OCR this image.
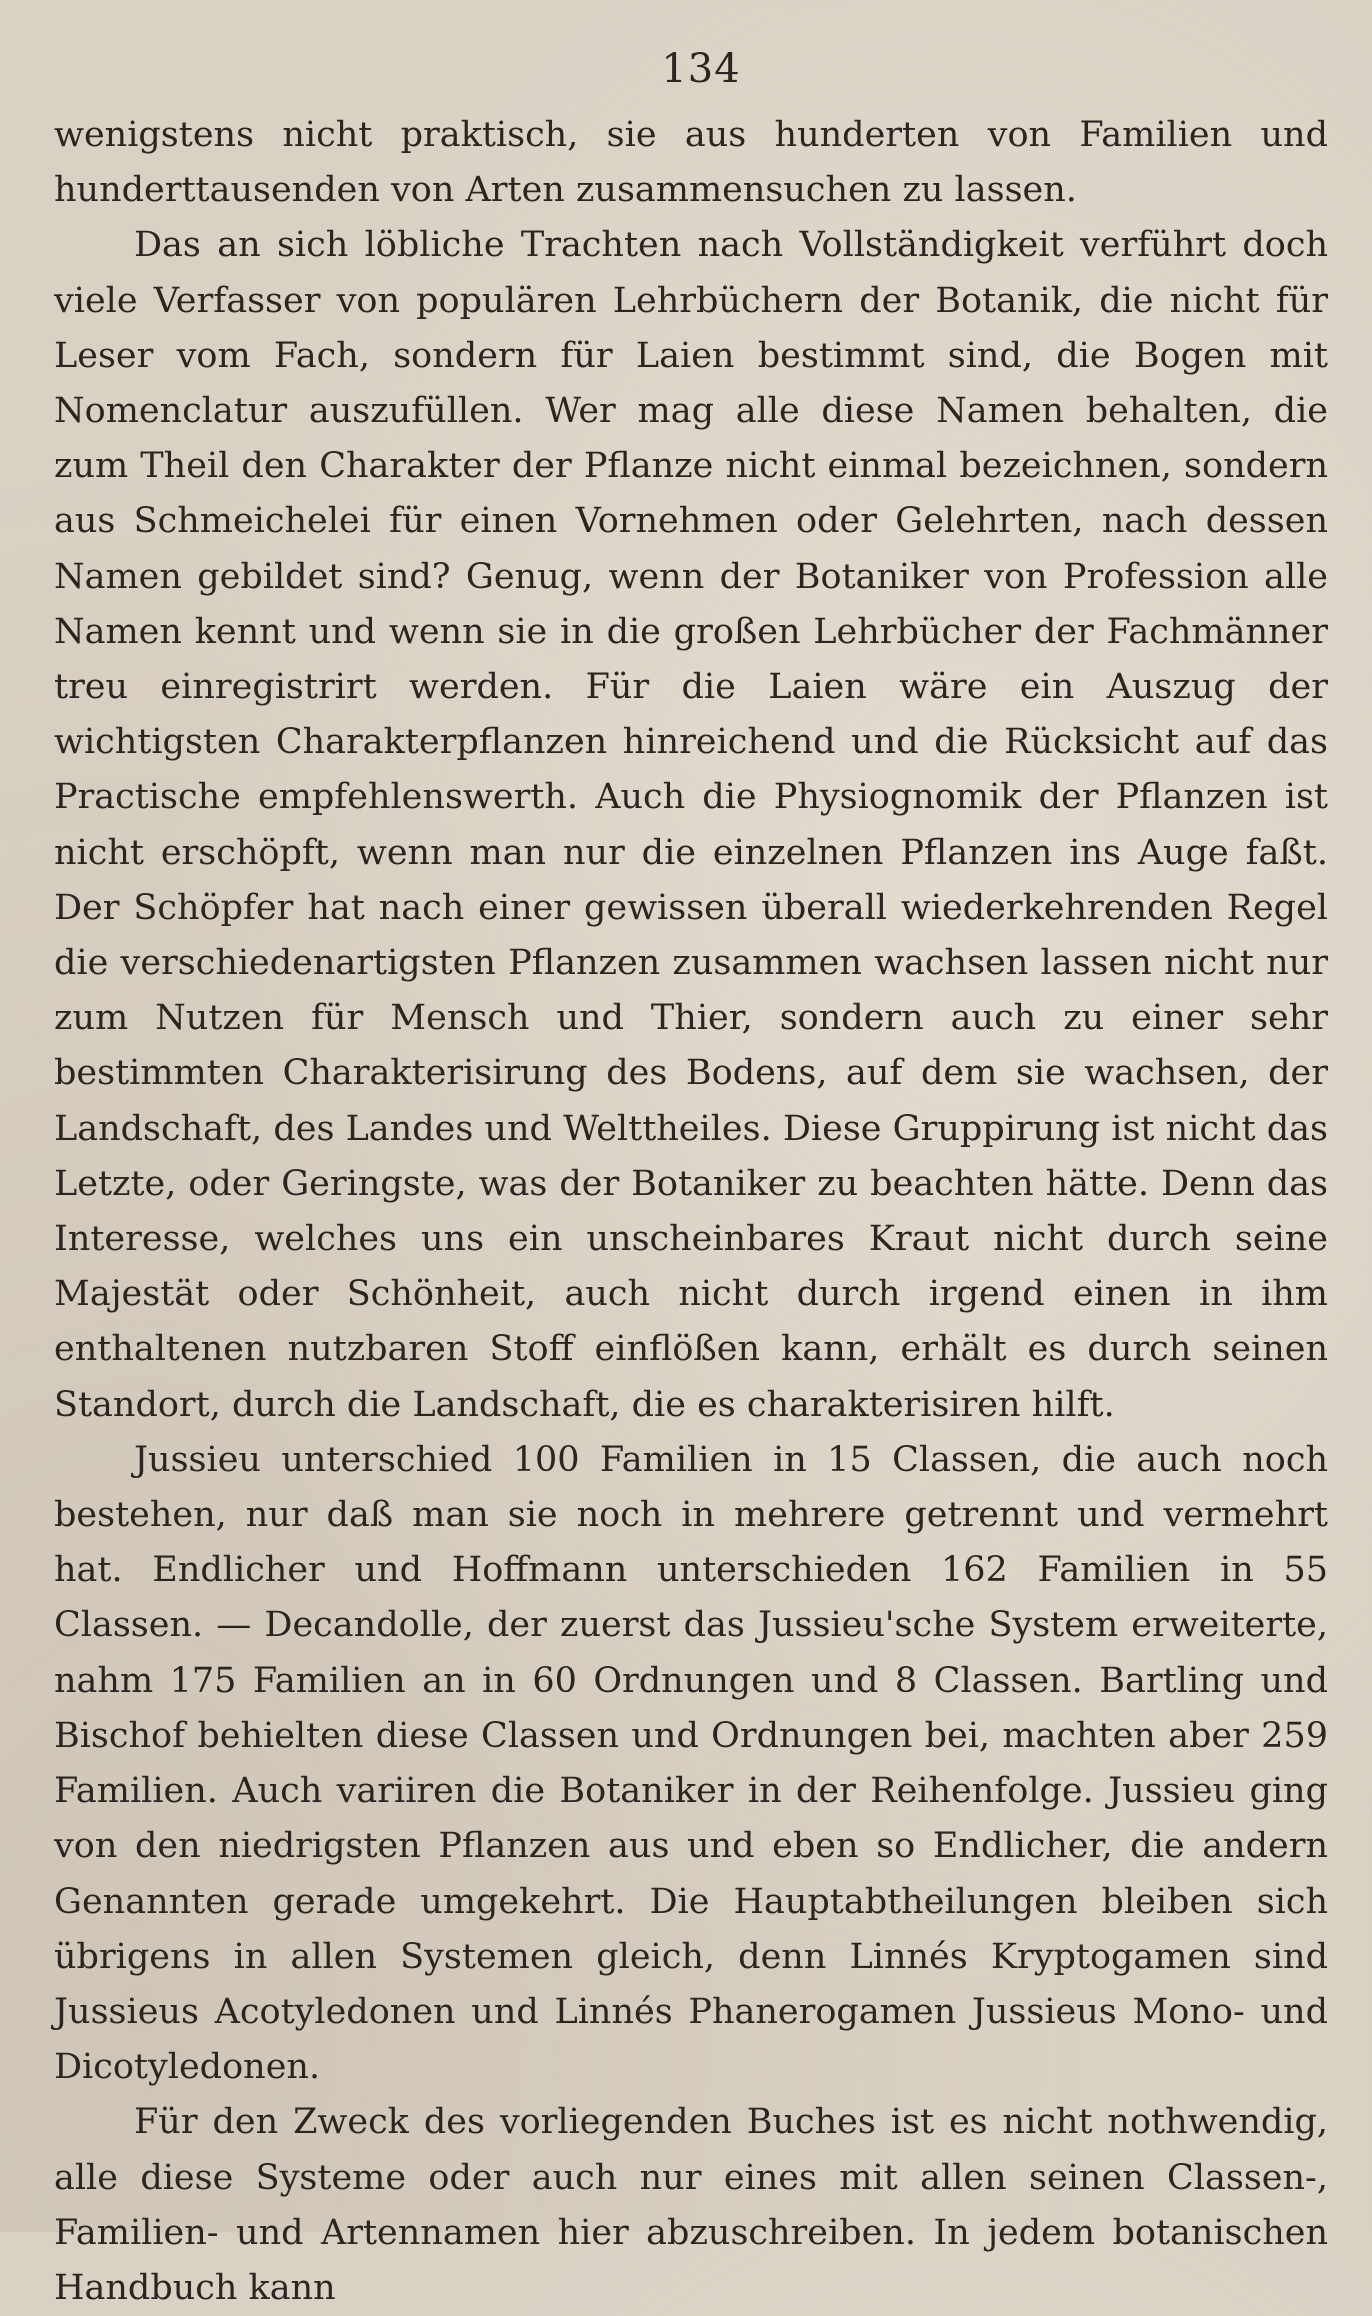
134

wenigstens nicht praktisch, sie aus hunderten von Familien und hunderttausenden von Arten zusammensuchen zu lassen.

Das an sich löbliche Trachten nach Vollständigkeit verführt doch viele Verfasser von populären Lehrbüchern der Botanik, die nicht für Leser vom Fach, sondern für Laien bestimmt sind, die Bogen mit Nomenclatur auszufüllen. Wer mag alle diese Namen behalten, die zum Theil den Charakter der Pflanze nicht einmal bezeichnen, sondern aus Schmeichelei für einen Vornehmen oder Gelehrten, nach dessen Namen gebildet sind? Genug, wenn der Botaniker von Profession alle Namen kennt und wenn sie in die großen Lehrbücher der Fachmänner treu einregistrirt werden. Für die Laien wäre ein Auszug der wichtigsten Charakterpflanzen hinreichend und die Rücksicht auf das Practische empfehlenswerth. Auch die Physiognomik der Pflanzen ist nicht erschöpft, wenn man nur die einzelnen Pflanzen ins Auge faßt. Der Schöpfer hat nach einer gewissen überall wiederkehrenden Regel die verschiedenartigsten Pflanzen zusammen wachsen lassen nicht nur zum Nutzen für Mensch und Thier, sondern auch zu einer sehr bestimmten Charakterisirung des Bodens, auf dem sie wachsen, der Landschaft, des Landes und Welttheiles. Diese Gruppirung ist nicht das Letzte, oder Geringste, was der Botaniker zu beachten hätte. Denn das Interesse, welches uns ein unscheinbares Kraut nicht durch seine Majestät oder Schönheit, auch nicht durch irgend einen in ihm enthaltenen nutzbaren Stoff einflößen kann, erhält es durch seinen Standort, durch die Landschaft, die es charakterisiren hilft.

Jussieu unterschied 100 Familien in 15 Classen, die auch noch bestehen, nur daß man sie noch in mehrere getrennt und vermehrt hat. Endlicher und Hoffmann unterschieden 162 Familien in 55 Classen. — Decandolle, der zuerst das Jussieu'sche System erweiterte, nahm 175 Familien an in 60 Ordnungen und 8 Classen. Bartling und Bischof behielten diese Classen und Ordnungen bei, machten aber 259 Familien. Auch variiren die Botaniker in der Reihenfolge. Jussieu ging von den niedrigsten Pflanzen aus und eben so Endlicher, die andern Genannten gerade umgekehrt. Die Hauptabtheilungen bleiben sich übrigens in allen Systemen gleich, denn Linnés Kryptogamen sind Jussieus Acotyledonen und Linnés Phanerogamen Jussieus Mono- und Dicotyledonen.

Für den Zweck des vorliegenden Buches ist es nicht nothwendig, alle diese Systeme oder auch nur eines mit allen seinen Classen-, Familien- und Artennamen hier abzuschreiben. In jedem botanischen Handbuch kann
